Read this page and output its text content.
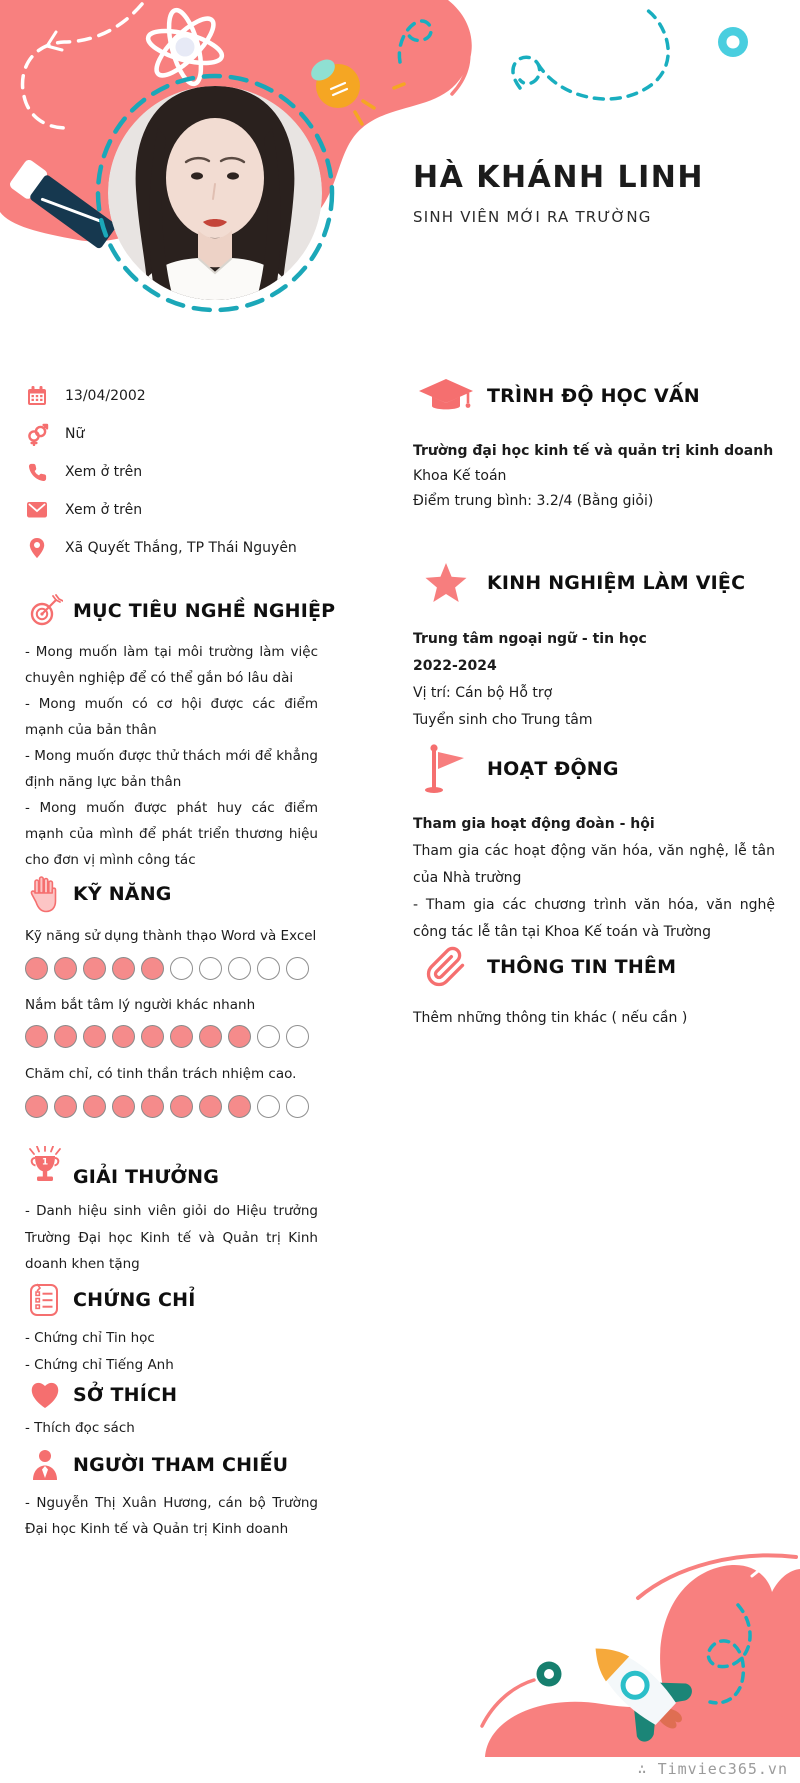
HÀ KHÁNH LINH
SINH VIÊN MỚI RA TRƯỜNG
13/04/2002
Nữ
Xem ở trên
Xem ở trên
Xã Quyết Thắng, TP Thái Nguyên
MỤC TIÊU NGHỀ NGHIỆP

- Mong muốn làm tại môi trường làm việc chuyên nghiệp để có thể gắn bó lâu dài

- Mong muốn có cơ hội được các điểm mạnh của bản thân

- Mong muốn được thử thách mới để khẳng định năng lực bản thân

- Mong muốn được phát huy các điểm mạnh của mình để phát triển thương hiệu cho đơn vị mình công tác

KỸ NĂNG
Kỹ năng sử dụng thành thạo Word và Excel
Nắm bắt tâm lý người khác nhanh
Chăm chỉ, có tinh thần trách nhiệm cao.
1
GIẢI THƯỞNG
- Danh hiệu sinh viên giỏi do Hiệu trưởng Trường Đại học Kinh tế và Quản trị Kinh doanh khen tặng
CHỨNG CHỈ

- Chứng chỉ Tin học

- Chứng chỉ Tiếng Anh

SỞ THÍCH
- Thích đọc sách
NGƯỜI THAM CHIẾU
- Nguyễn Thị Xuân Hương, cán bộ Trường Đại học Kinh tế và Quản trị Kinh doanh
TRÌNH ĐỘ HỌC VẤN

Trường đại học kinh tế và quản trị kinh doanh

Khoa Kế toán

Điểm trung bình: 3.2/4 (Bằng giỏi)

KINH NGHIỆM LÀM VIỆC

Trung tâm ngoại ngữ - tin học

2022-2024

Vị trí: Cán bộ Hỗ trợ

Tuyển sinh cho Trung tâm

HOẠT ĐỘNG

Tham gia hoạt động đoàn - hội

Tham gia các hoạt động văn hóa, văn nghệ, lễ tân của Nhà trường

- Tham gia các chương trình văn hóa, văn nghệ công tác lễ tân tại Khoa Kế toán và Trường

THÔNG TIN THÊM
Thêm những thông tin khác ( nếu cần )
∴ Timviec365.vn
